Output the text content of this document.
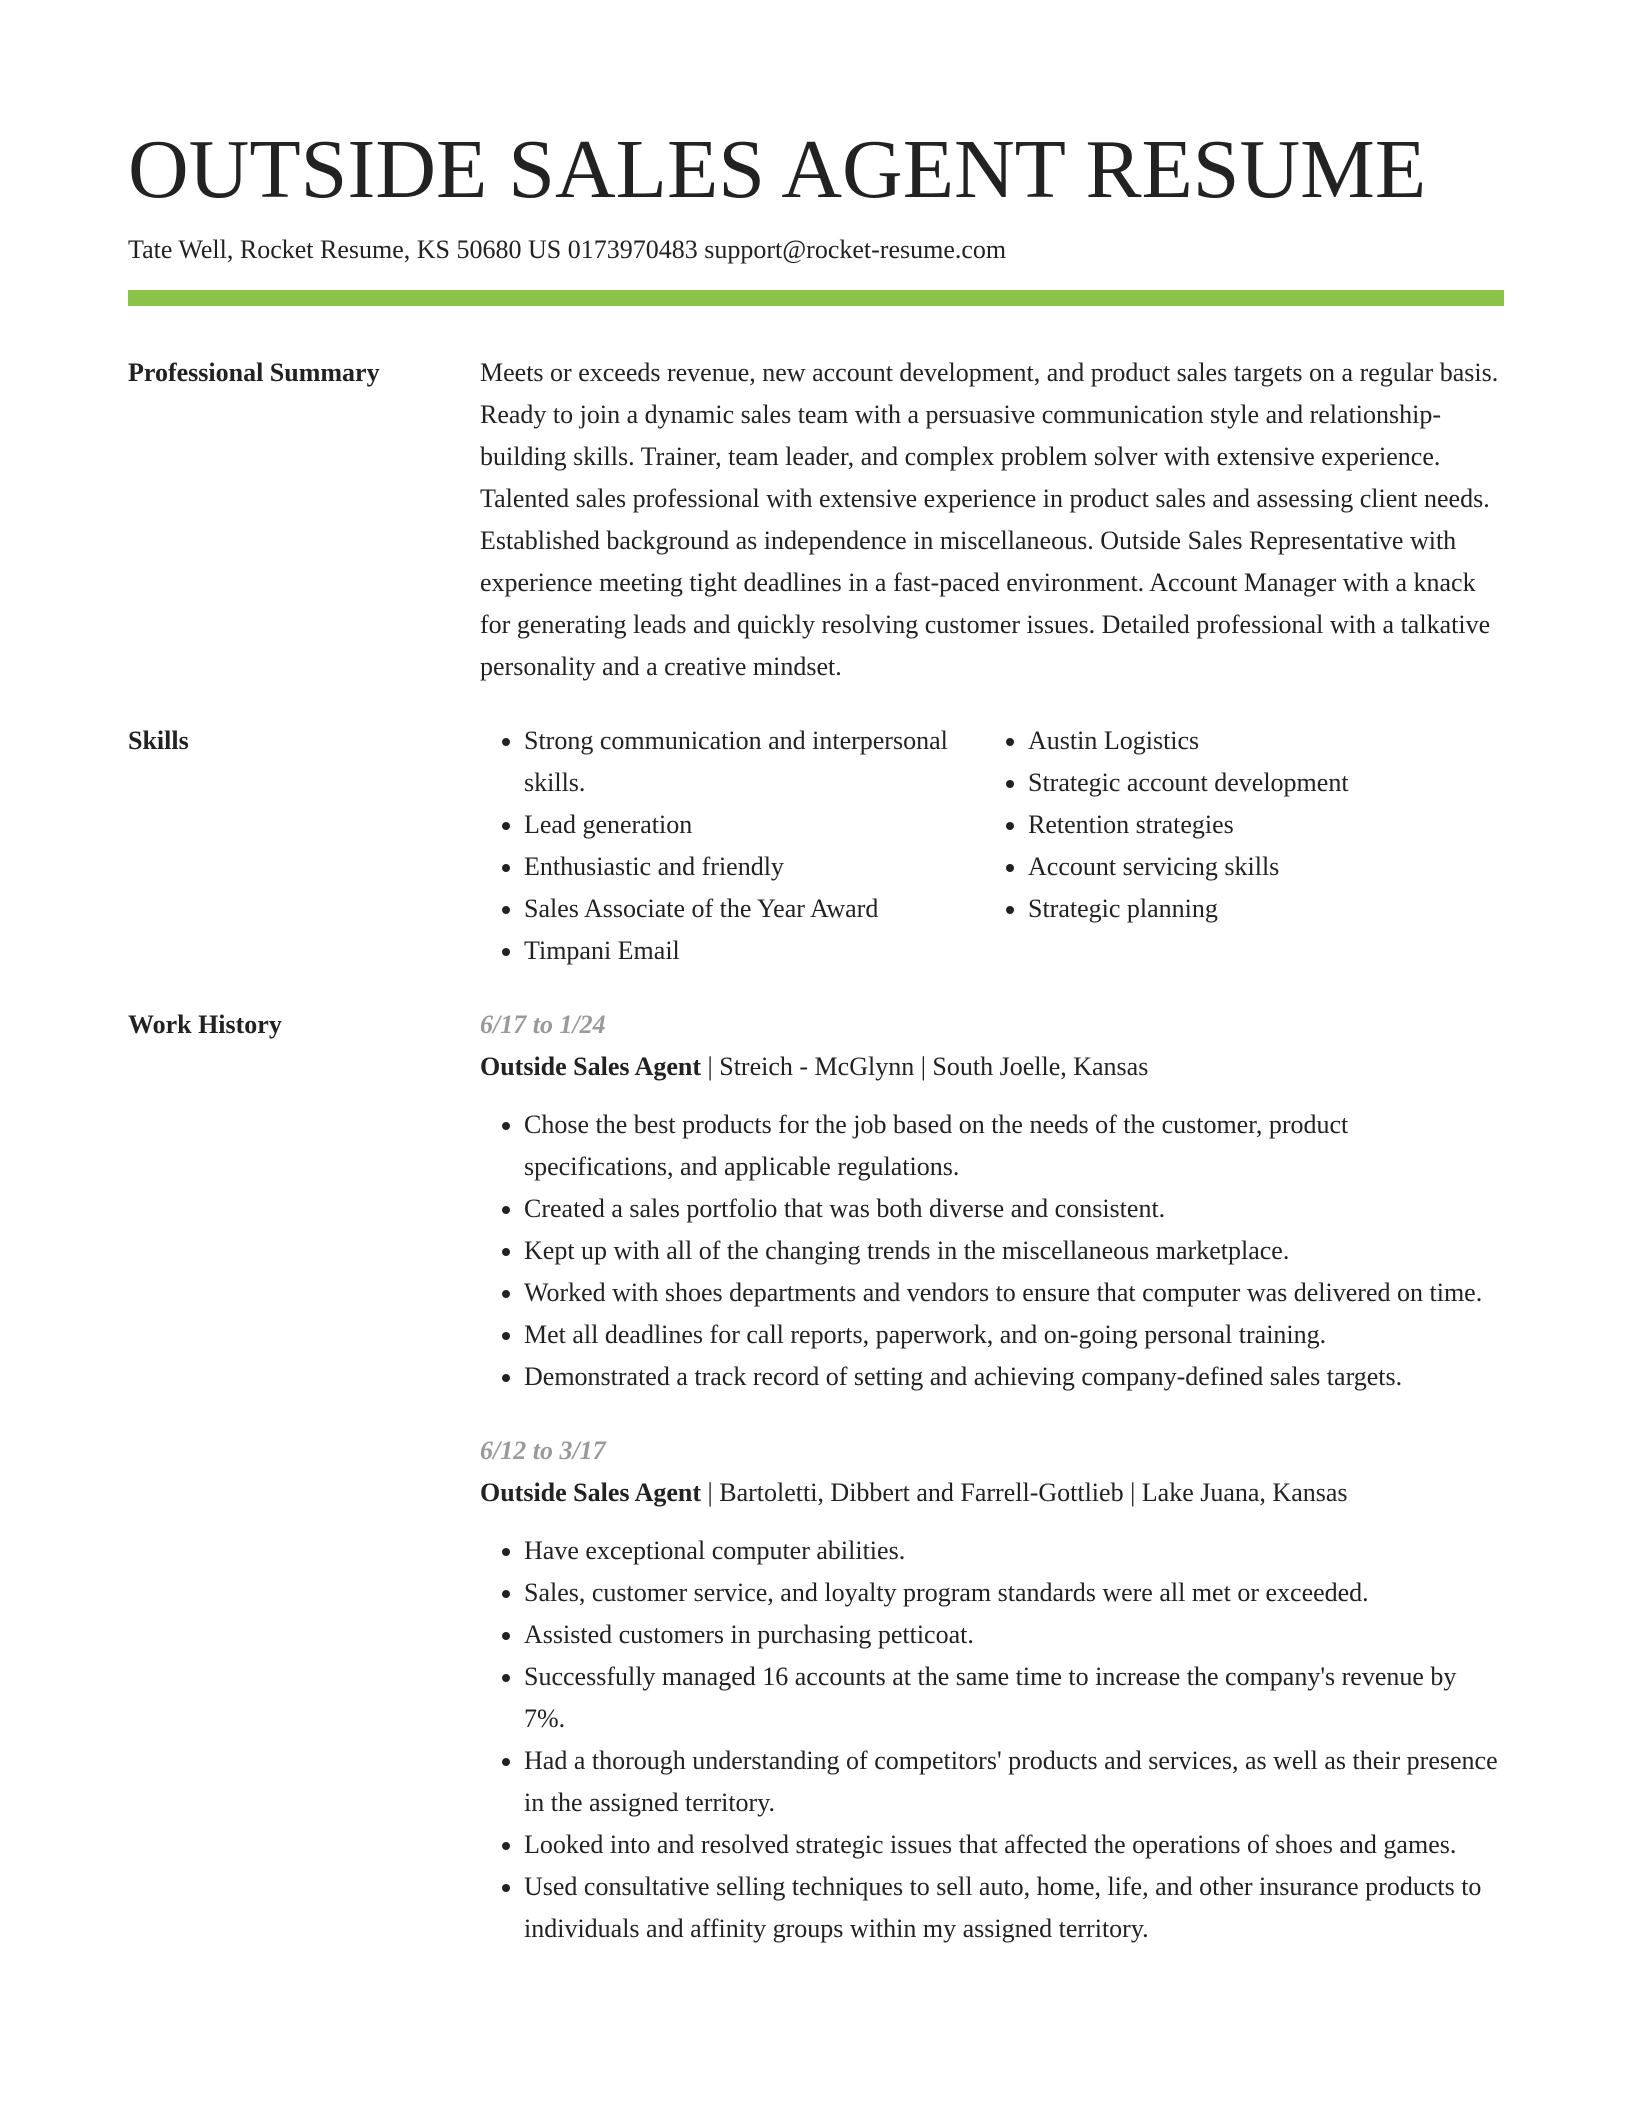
OUTSIDE SALES AGENT RESUME
Tate Well, Rocket Resume, KS 50680 US 0173970483 support@rocket-resume.com
Professional Summary	Meets or exceeds revenue, new account development, and product sales targets on a regular basis. Ready to join a dynamic sales team with a persuasive communication style and relationship-building skills. Trainer, team leader, and complex problem solver with extensive experience. Talented sales professional with extensive experience in product sales and assessing client needs. Established background as independence in miscellaneous. Outside Sales Representative with experience meeting tight deadlines in a fast-paced environment. Account Manager with a knack for generating leads and quickly resolving customer issues. Detailed professional with a talkative personality and a creative mindset.

Skills
•	Strong communication and interpersonal skills.
• Lead generation
• Enthusiastic and friendly
• Sales Associate of the Year Award
• Timpani Email
• Austin Logistics
• Strategic account development
• Retention strategies
• Account servicing skills
• Strategic planning
Work History	6/17 to 1/24
Outside Sales Agent | Streich - McGlynn | South Joelle, Kansas
• Chose the best products for the job based on the needs of the customer, product specifications, and applicable regulations.
• Created a sales portfolio that was both diverse and consistent.
• Kept up with all of the changing trends in the miscellaneous marketplace.
• Worked with shoes departments and vendors to ensure that computer was delivered on time.
• Met all deadlines for call reports, paperwork, and on-going personal training.
• Demonstrated a track record of setting and achieving company-defined sales targets.
6/12 to 3/17
Outside Sales Agent | Bartoletti, Dibbert and Farrell-Gottlieb | Lake Juana, Kansas
• Have exceptional computer abilities.
• Sales, customer service, and loyalty program standards were all met or exceeded.
• Assisted customers in purchasing petticoat.
• Successfully managed 16 accounts at the same time to increase the company's revenue by 7%.
• Had a thorough understanding of competitors' products and services, as well as their presence in the assigned territory.
• Looked into and resolved strategic issues that affected the operations of shoes and games.
• Used consultative selling techniques to sell auto, home, life, and other insurance products to individuals and affinity groups within my assigned territory.
